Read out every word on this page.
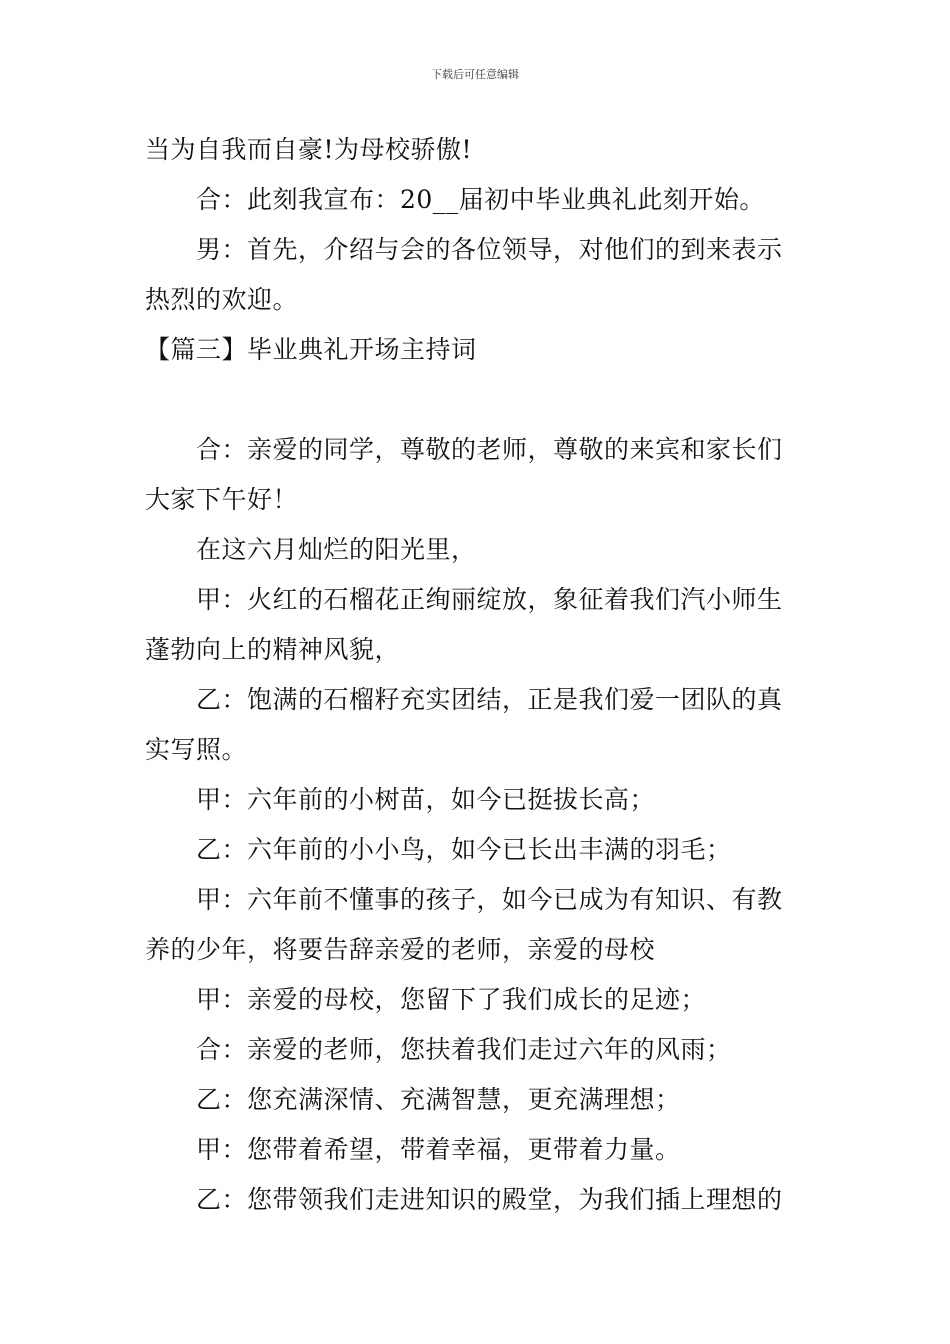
下载后可任意编辑
当为自我而自豪!为母校骄傲!
合：此刻我宣布：20__届初中毕业典礼此刻开始。
男：首先，介绍与会的各位领导，对他们的到来表示
热烈的欢迎。
【篇三】毕业典礼开场主持词
合：亲爱的同学，尊敬的老师，尊敬的来宾和家长们
大家下午好！
在这六月灿烂的阳光里，
甲：火红的石榴花正绚丽绽放，象征着我们汽小师生
蓬勃向上的精神风貌，
乙：饱满的石榴籽充实团结，正是我们爱一团队的真
实写照。
甲：六年前的小树苗，如今已挺拔长高；
乙：六年前的小小鸟，如今已长出丰满的羽毛；
甲：六年前不懂事的孩子，如今已成为有知识、有教
养的少年，将要告辞亲爱的老师，亲爱的母校
甲：亲爱的母校，您留下了我们成长的足迹；
合：亲爱的老师，您扶着我们走过六年的风雨；
乙：您充满深情、充满智慧，更充满理想；
甲：您带着希望，带着幸福，更带着力量。
乙：您带领我们走进知识的殿堂，为我们插上理想的
